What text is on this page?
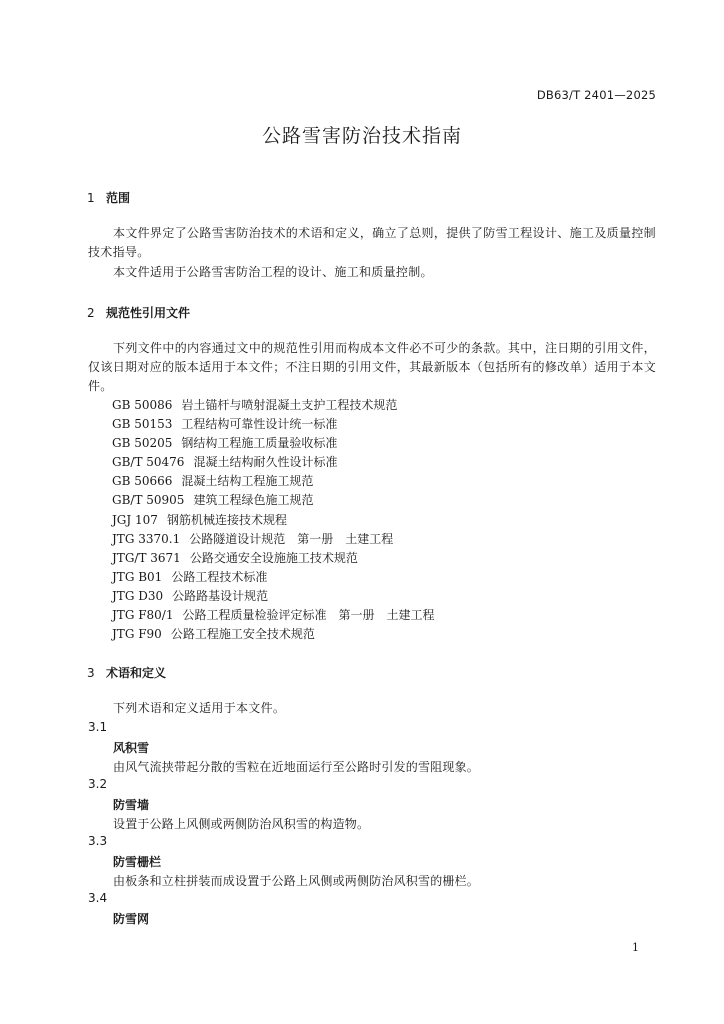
DB63/T 2401—2025
公路雪害防治技术指南
1 范围
本文件界定了公路雪害防治技术的术语和定义，确立了总则，提供了防雪工程设计、施工及质量控制技术指导。
本文件适用于公路雪害防治工程的设计、施工和质量控制。
2 规范性引用文件
下列文件中的内容通过文中的规范性引用而构成本文件必不可少的条款。其中，注日期的引用文件，仅该日期对应的版本适用于本文件；不注日期的引用文件，其最新版本（包括所有的修改单）适用于本文件。
GB 50086 岩土锚杆与喷射混凝土支护工程技术规范
GB 50153 工程结构可靠性设计统一标准
GB 50205 钢结构工程施工质量验收标准
GB/T 50476 混凝土结构耐久性设计标准
GB 50666 混凝土结构工程施工规范
GB/T 50905 建筑工程绿色施工规范
JGJ 107 钢筋机械连接技术规程
JTG 3370.1 公路隧道设计规范　第一册　土建工程
JTG/T 3671 公路交通安全设施施工技术规范
JTG B01 公路工程技术标准
JTG D30 公路路基设计规范
JTG F80/1 公路工程质量检验评定标准　第一册　土建工程
JTG F90 公路工程施工安全技术规范
3 术语和定义
下列术语和定义适用于本文件。
3.1
风积雪
由风气流挟带起分散的雪粒在近地面运行至公路时引发的雪阻现象。
3.2
防雪墙
设置于公路上风侧或两侧防治风积雪的构造物。
3.3
防雪栅栏
由板条和立柱拼装而成设置于公路上风侧或两侧防治风积雪的栅栏。
3.4
防雪网
1
